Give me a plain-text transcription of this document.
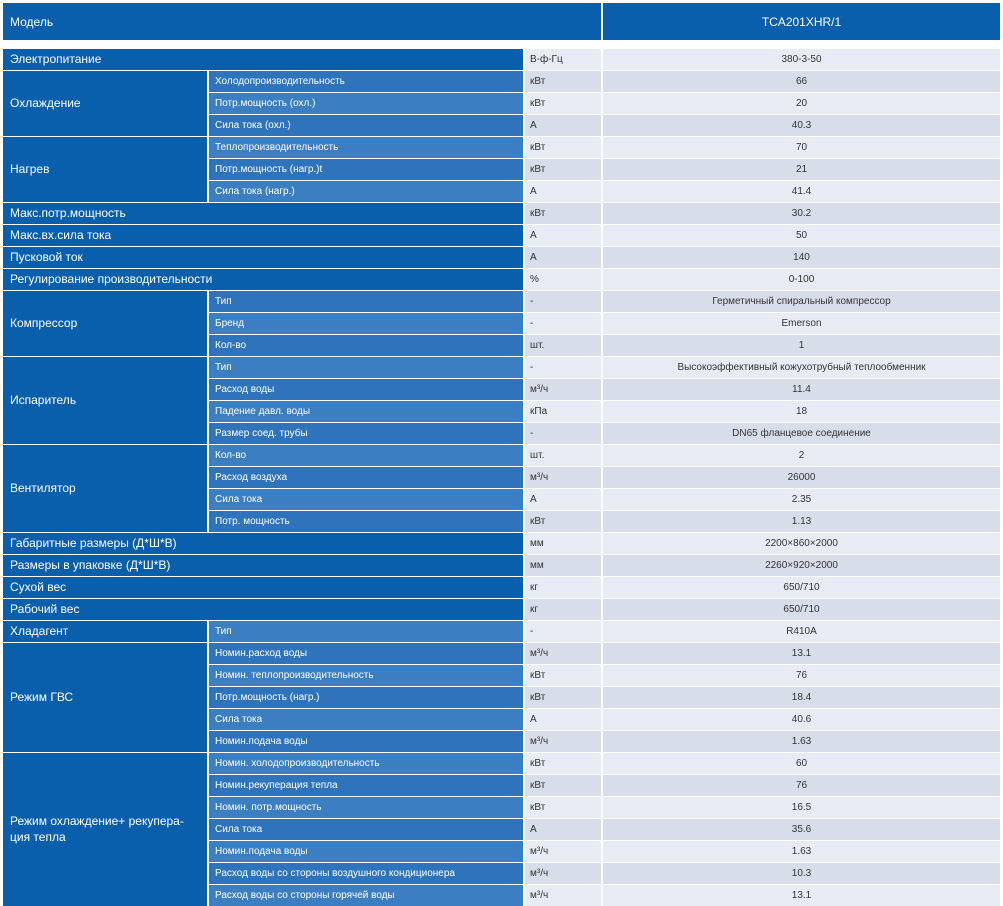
Модель	TCA201XHR/1
Электропитание	В-ф-Гц	380-3-50
Охлаждение
Холодопроизводительность	кВт	66
Потр.мощность (охл.)	кВт	20
Сила тока (охл.)	A	40.3
Нагрев
Теплопроизводительность	кВт	70
Потр.мощность (нагр.)t	кВт	21
Сила тока (нагр.)	A	41.4
Макс.потр.мощность	кВт	30.2
Макс.вх.сила тока	A	50
Пусковой ток	A	140
Регулирование производительности	%	0-100
Компрессор
Тип	-	Герметичный спиральный компрессор
Бренд	-	Emerson
Кол-во	шт.	1
Испаритель
Тип	-	Высокоэффективный кожухотрубный теплообменник
Расход воды	м³/ч	11.4
Падение давл. воды	кПа	18
Размер соед. трубы	-	DN65 фланцевое соединение
Вентилятор
Кол-во	шт.	2
Расход воздуха	м³/ч	26000
Сила тока	A	2.35
Потр. мощность	кВт	1.13
Габаритные размеры (Д*Ш*В)	мм	2200×860×2000
Размеры в упаковке (Д*Ш*В)	мм	2260×920×2000
Сухой вес	кг	650/710
Рабочий вес	кг	650/710
Хладагент	Тип	-	R410A
Режим ГВС
Номин.расход воды	м³/ч	13.1
Номин. теплопроизводительность	кВт	76
Потр.мощность (нагр.)	кВт	18.4
Сила тока	A	40.6
Номин.подача воды	м³/ч	1.63
Режим охлаждение+ рекупера-ция тепла
Номин. холодопроизводительность	кВт	60
Номин.рекуперация тепла	кВт	76
Номин. потр.мощность	кВт	16.5
Сила тока	A	35.6
Номин.подача воды	м³/ч	1.63
Расход воды со стороны воздушного кондиционера	м³/ч	10.3
Расход воды со стороны горячей воды	м³/ч	13.1
